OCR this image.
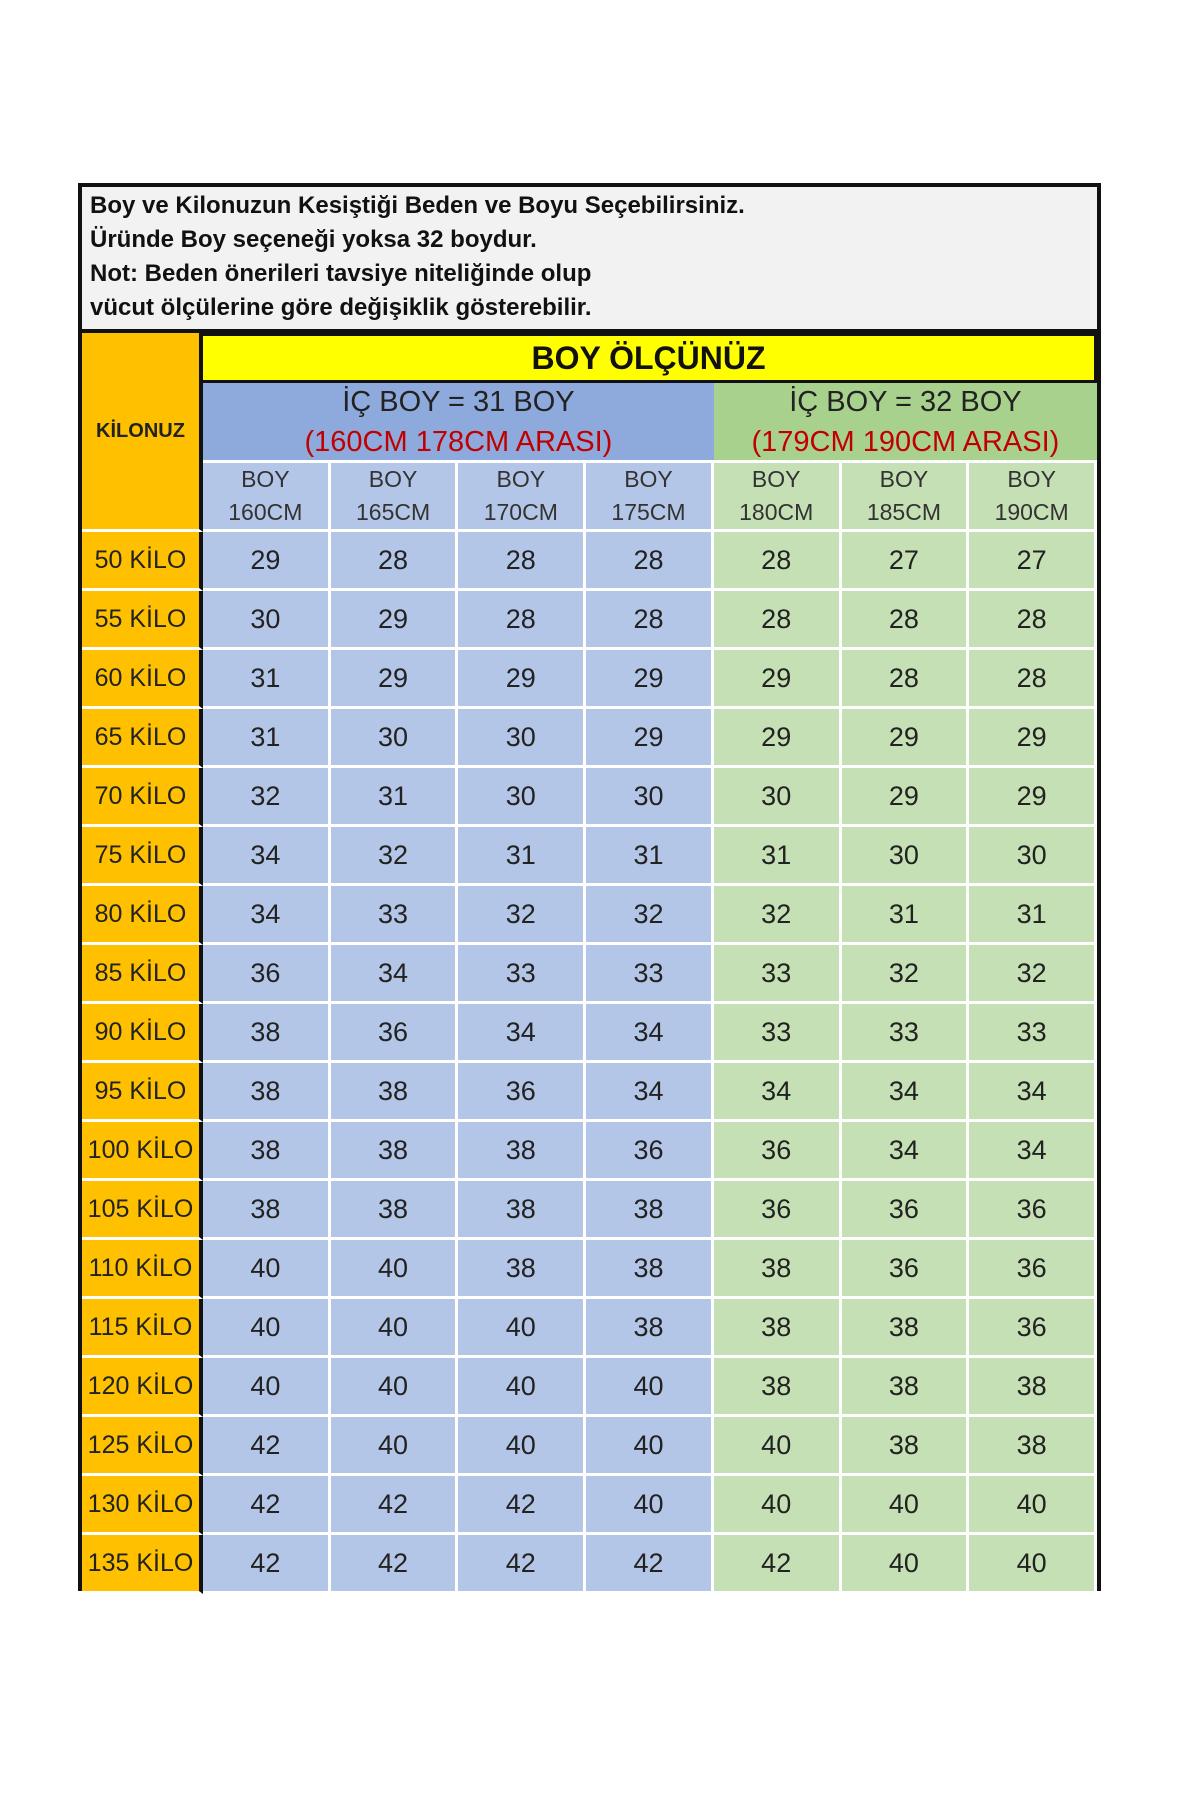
Boy ve Kilonuzun Kesiştiği Beden ve Boyu Seçebilirsiniz.
Üründe Boy seçeneği yoksa 32 boydur.
Not: Beden önerileri tavsiye niteliğinde olup
vücut ölçülerine göre değişiklik gösterebilir.
KİLONUZ
BOY ÖLÇÜNÜZ
İÇ BOY = 31 BOY
(160CM 178CM ARASI)
İÇ BOY = 32 BOY
(179CM 190CM ARASI)
BOY
160CM
BOY
165CM
BOY
170CM
BOY
175CM
BOY
180CM
BOY
185CM
BOY
190CM
50 KİLO	29	28	28	28	28	27	27
55 KİLO	30	29	28	28	28	28	28
60 KİLO	31	29	29	29	29	28	28
65 KİLO	31	30	30	29	29	29	29
70 KİLO	32	31	30	30	30	29	29
75 KİLO	34	32	31	31	31	30	30
80 KİLO	34	33	32	32	32	31	31
85 KİLO	36	34	33	33	33	32	32
90 KİLO	38	36	34	34	33	33	33
95 KİLO	38	38	36	34	34	34	34
100 KİLO	38	38	38	36	36	34	34
105 KİLO	38	38	38	38	36	36	36
110 KİLO	40	40	38	38	38	36	36
115 KİLO	40	40	40	38	38	38	36
120 KİLO	40	40	40	40	38	38	38
125 KİLO	42	40	40	40	40	38	38
130 KİLO	42	42	42	40	40	40	40
135 KİLO	42	42	42	42	42	40	40
